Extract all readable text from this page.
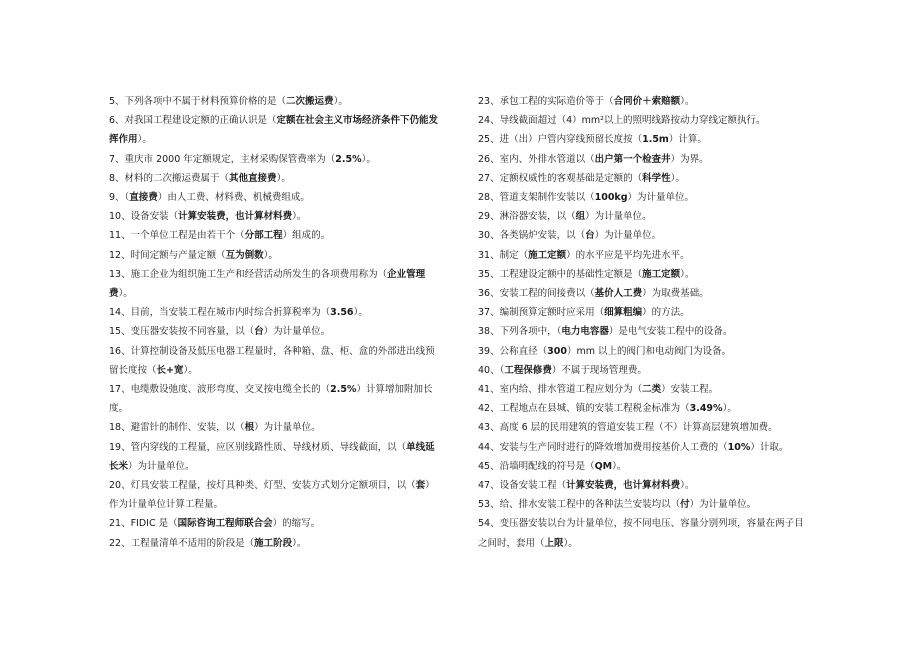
5、下列各项中不属于材料预算价格的是（二次搬运费）。

6、对我国工程建设定额的正确认识是（定额在社会主义市场经济条件下仍能发挥作用）。

7、重庆市 2000 年定额规定，主材采购保管费率为（2.5%）。

8、材料的二次搬运费属于（其他直接费）。

9、（直接费）由人工费、材料费、机械费组成。

10、设备安装（计算安装费，也计算材料费）。

11、一个单位工程是由若干个（分部工程）组成的。

12、时间定额与产量定额（互为倒数）。

13、施工企业为组织施工生产和经营活动所发生的各项费用称为（企业管理费）。

14、目前，当安装工程在城市内时综合折算税率为（3.56）。

15、变压器安装按不同容量，以（台）为计量单位。

16、计算控制设备及低压电器工程量时，各种箱、盘、柜、盒的外部进出线预留长度按（长+宽）。

17、电缆敷设弛度、波形弯度、交叉按电缆全长的（2.5%）计算增加附加长度。

18、避雷针的制作、安装，以（根）为计量单位。

19、管内穿线的工程量，应区别线路性质、导线材质、导线截面，以（单线延长米）为计量单位。

20、灯具安装工程量，按灯具种类、灯型、安装方式划分定额项目，以（套）作为计量单位计算工程量。

21、FIDIC 是（国际咨询工程师联合会）的缩写。

22、工程量清单不适用的阶段是（施工阶段）。

23、承包工程的实际造价等于（合同价＋索赔额）。

24、导线截面超过（4）mm²以上的照明线路按动力穿线定额执行。

25、进（出）户管内穿线预留长度按（1.5m）计算。

26、室内、外排水管道以（出户第一个检查井）为界。

27、定额权威性的客观基础是定额的（科学性）。

28、管道支架制作安装以（100kg）为计量单位。

29、淋浴器安装，以（组）为计量单位。

30、各类锅炉安装，以（台）为计量单位。

31、制定（施工定额）的水平应是平均先进水平。

35、工程建设定额中的基础性定额是（施工定额）。

36、安装工程的间接费以（基价人工费）为取费基础。

37、编制预算定额时应采用（细算粗编）的方法。

38、下列各项中，（电力电容器）是电气安装工程中的设备。

39、公称直径（300）mm 以上的阀门和电动阀门为设备。

40、（工程保修费）不属于现场管理费。

41、室内给、排水管道工程应划分为（二类）安装工程。

42、工程地点在县城、镇的安装工程税金标准为（3.49%）。

43、高度 6 层的民用建筑的管道安装工程（不）计算高层建筑增加费。

44、安装与生产同时进行的降效增加费用按基价人工费的（10%）计取。

45、沿墙明配线的符号是（QM）。

47、设备安装工程（计算安装费，也计算材料费）。

53、给、排水安装工程中的各种法兰安装均以（付）为计量单位。

54、变压器安装以台为计量单位，按不同电压、容量分别列项，容量在两子目之间时，套用（上限）。
